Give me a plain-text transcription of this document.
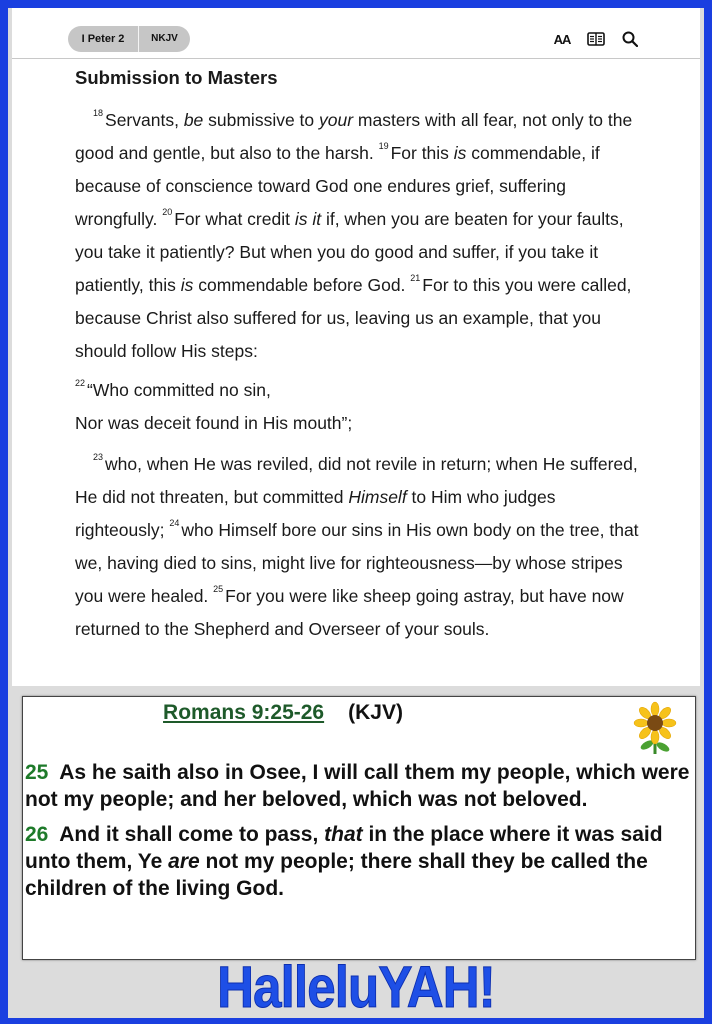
I Peter 2	NKJV	AA
Submission to Masters

$^{18}$ Servants, be submissive to your masters with all fear, not only to the good and gentle, but also to the harsh. $^{19}$ For this is commendable, if because of conscience toward God one endures grief, suffering wrongfully. $^{20}$ For what credit is it if, when you are beaten for your faults, you take it patiently? But when you do good and suffer, if you take it patiently, this is commendable before God. $^{21}$ For to this you were called, because Christ also suffered for us, leaving us an example, that you should follow His steps:

$^{22}$ “Who committed no sin,
Nor was deceit found in His mouth”;

$^{23}$ who, when He was reviled, did not revile in return; when He suffered, He did not threaten, but committed Himself to Him who judges righteously; $^{24}$ who Himself bore our sins in His own body on the tree, that we, having died to sins, might live for righteousness—by whose stripes you were healed. $^{25}$ For you were like sheep going astray, but have now returned to the Shepherd and Overseer of your souls.

Romans 9:25-26 (KJV)

25 As he saith also in Osee, I will call them my people, which were not my people; and her beloved, which was not beloved.

26 And it shall come to pass, that in the place where it was said unto them, Ye are not my people; there shall they be called the children of the living God.

HalleluYAH!
